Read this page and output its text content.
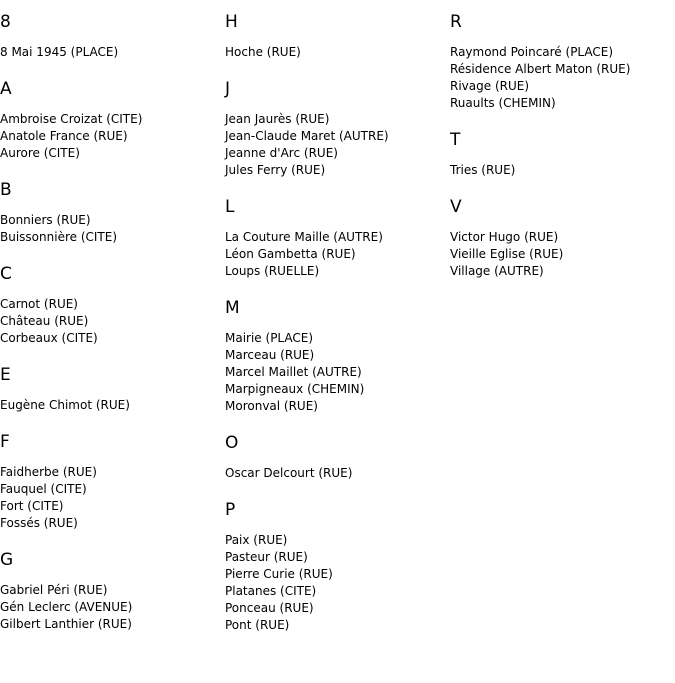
8
8 Mai 1945 (PLACE)
A
Ambroise Croizat (CITE)
Anatole France (RUE)
Aurore (CITE)
B
Bonniers (RUE)
Buissonnière (CITE)
C
Carnot (RUE)
Château (RUE)
Corbeaux (CITE)
E
Eugène Chimot (RUE)
F
Faidherbe (RUE)
Fauquel (CITE)
Fort (CITE)
Fossés (RUE)
G
Gabriel Péri (RUE)
Gén Leclerc (AVENUE)
Gilbert Lanthier (RUE)
H
Hoche (RUE)
J
Jean Jaurès (RUE)
Jean-Claude Maret (AUTRE)
Jeanne d'Arc (RUE)
Jules Ferry (RUE)
L
La Couture Maille (AUTRE)
Léon Gambetta (RUE)
Loups (RUELLE)
M
Mairie (PLACE)
Marceau (RUE)
Marcel Maillet (AUTRE)
Marpigneaux (CHEMIN)
Moronval (RUE)
O
Oscar Delcourt (RUE)
P
Paix (RUE)
Pasteur (RUE)
Pierre Curie (RUE)
Platanes (CITE)
Ponceau (RUE)
Pont (RUE)
R
Raymond Poincaré (PLACE)
Résidence Albert Maton (RUE)
Rivage (RUE)
Ruaults (CHEMIN)
T
Tries (RUE)
V
Victor Hugo (RUE)
Vieille Eglise (RUE)
Village (AUTRE)
